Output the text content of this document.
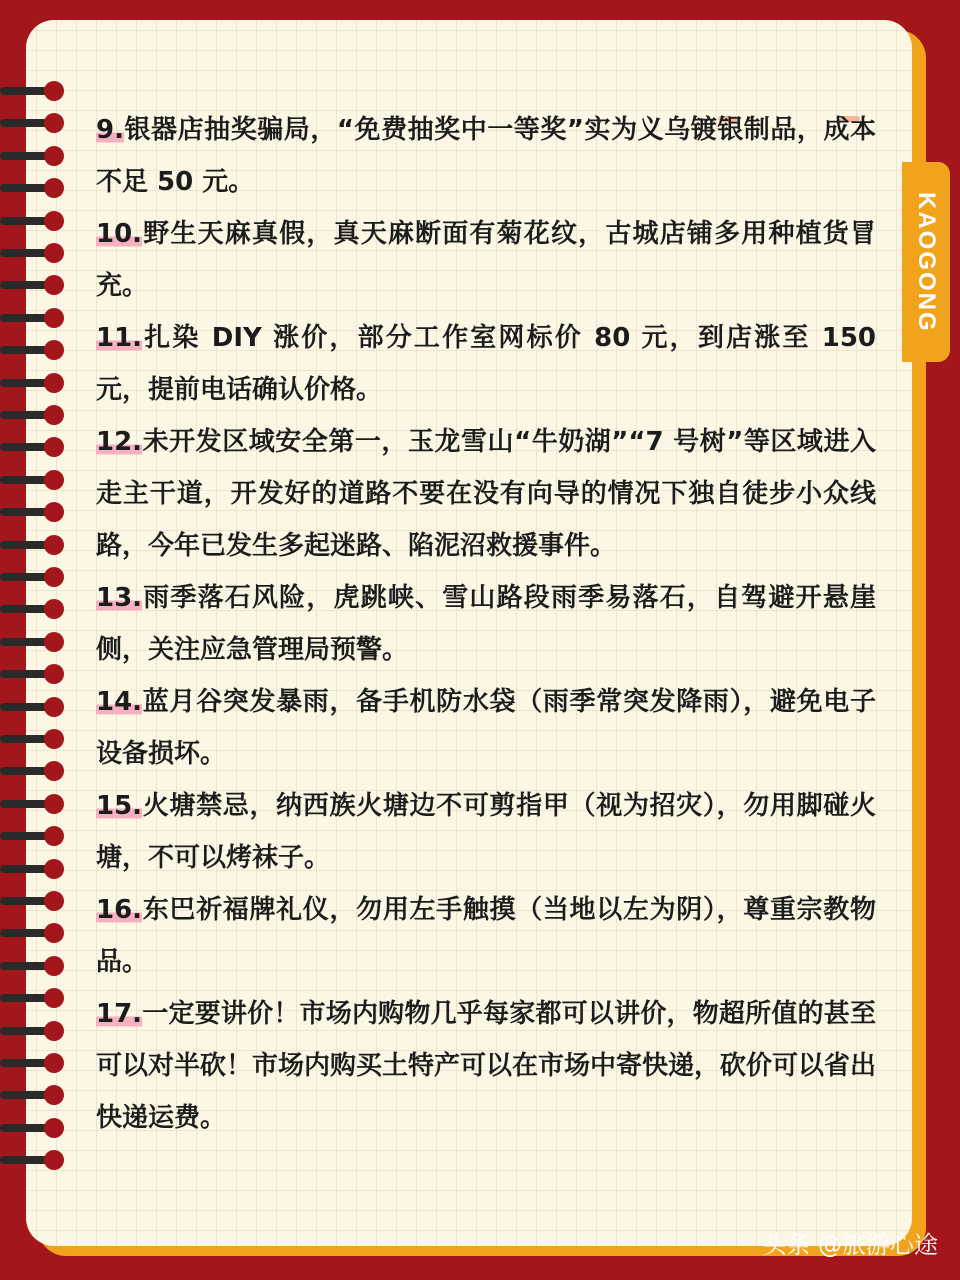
KAOGONG

9.银器店抽奖骗局，“免费抽奖中一等奖”实为义乌镀银制品，成本不足 50 元。

10.野生天麻真假，真天麻断面有菊花纹，古城店铺多用种植货冒充。

11.扎染 DIY 涨价，部分工作室网标价 80 元，到店涨至 150 元，提前电话确认价格。

12.未开发区域安全第一，玉龙雪山“牛奶湖”“7 号树”等区域进入走主干道，开发好的道路不要在没有向导的情况下独自徒步小众线路，今年已发生多起迷路、陷泥沼救援事件。

13.雨季落石风险，虎跳峡、雪山路段雨季易落石，自驾避开悬崖侧，关注应急管理局预警。

14.蓝月谷突发暴雨，备手机防水袋（雨季常突发降雨），避免电子设备损坏。

15.火塘禁忌，纳西族火塘边不可剪指甲（视为招灾），勿用脚碰火塘，不可以烤袜子。

16.东巴祈福牌礼仪，勿用左手触摸（当地以左为阴），尊重宗教物品。

17.一定要讲价！市场内购物几乎每家都可以讲价，物超所值的甚至可以对半砍！市场内购买土特产可以在市场中寄快递，砍价可以省出快递运费。

头条 @旅游心途
